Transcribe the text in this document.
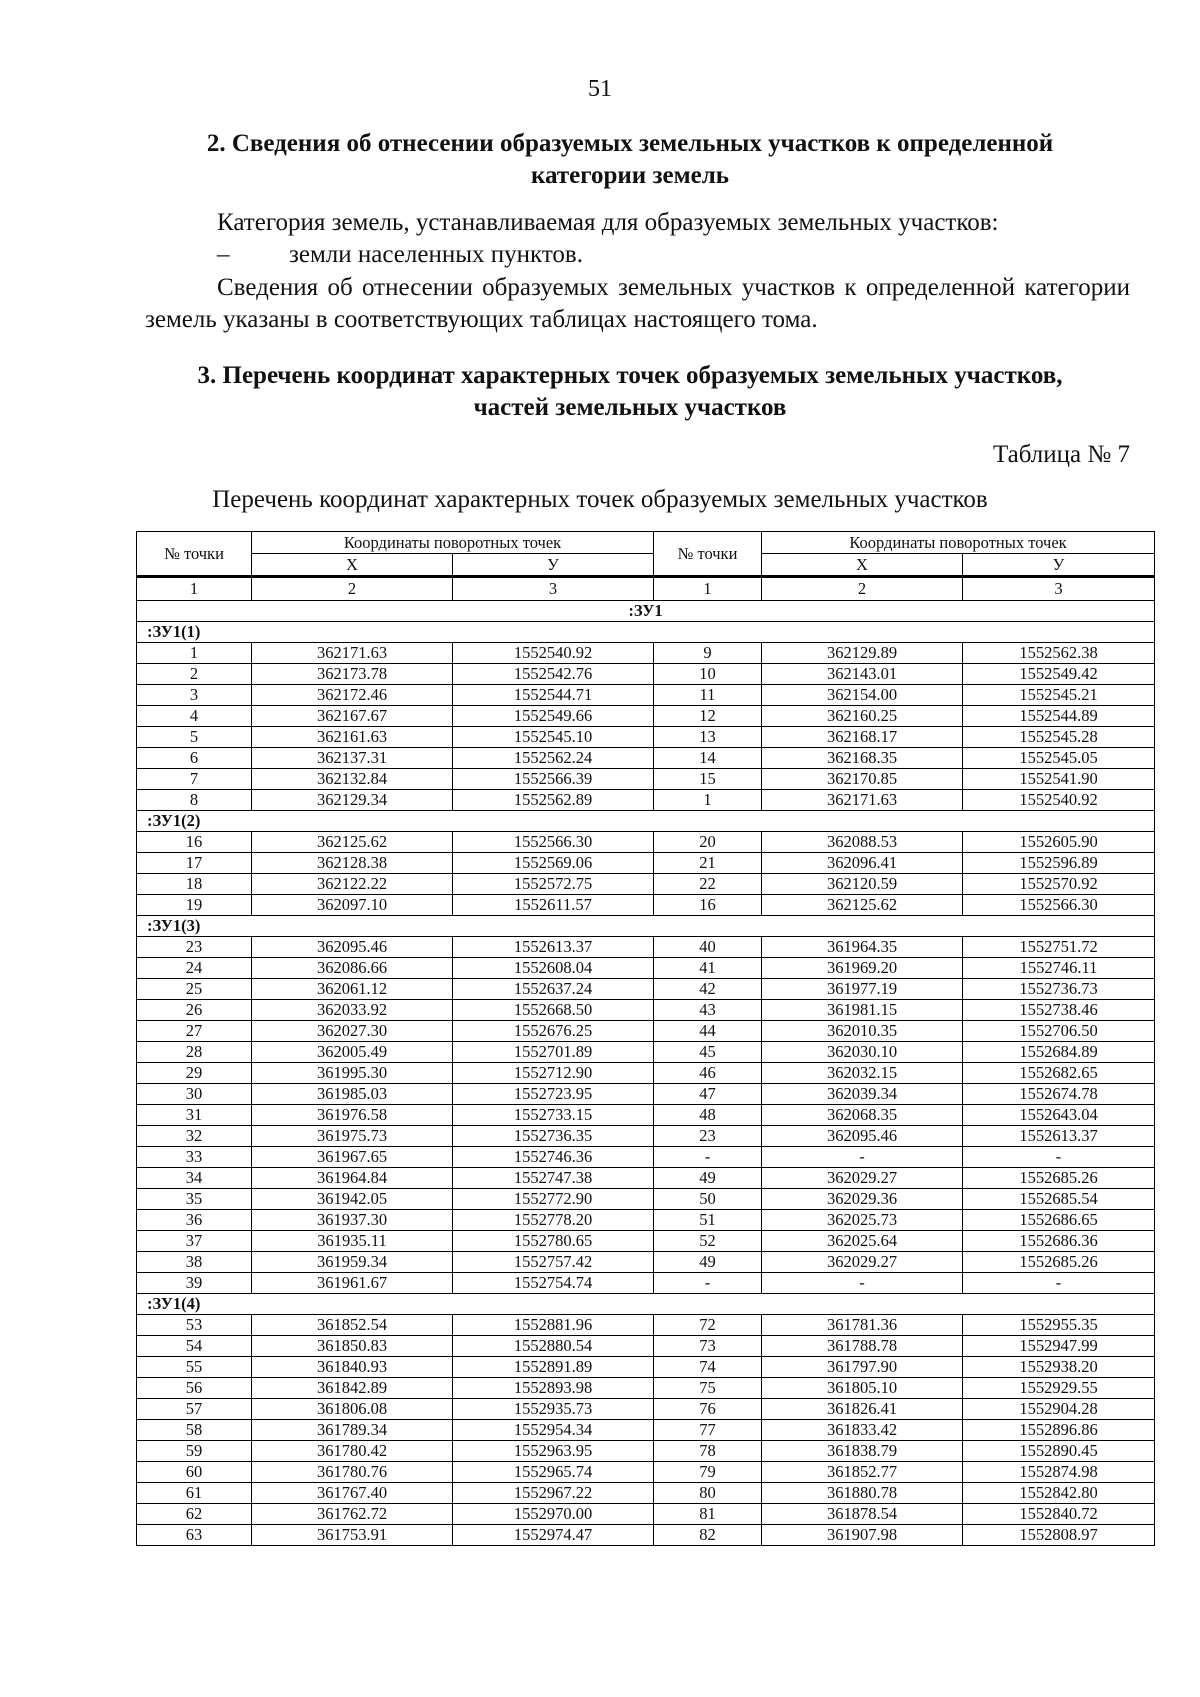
51
2. Сведения об отнесении образуемых земельных участков к определенной
категории земель
Категория земель, устанавливаемая для образуемых земельных участков:
– земли населенных пунктов.
Сведения об отнесении образуемых земельных участков к определенной категории земель указаны в соответствующих таблицах настоящего тома.
3. Перечень координат характерных точек образуемых земельных участков,
частей земельных участков
Таблица № 7
Перечень координат характерных точек образуемых земельных участков
№ точки	Координаты поворотных точек		№ точки	Координаты поворотных точек	
	Х	У		Х	У
1	2	3	1	2	3
:ЗУ1					
:ЗУ1(1)					
1	362171.63	1552540.92	9	362129.89	1552562.38
2	362173.78	1552542.76	10	362143.01	1552549.42
3	362172.46	1552544.71	11	362154.00	1552545.21
4	362167.67	1552549.66	12	362160.25	1552544.89
5	362161.63	1552545.10	13	362168.17	1552545.28
6	362137.31	1552562.24	14	362168.35	1552545.05
7	362132.84	1552566.39	15	362170.85	1552541.90
8	362129.34	1552562.89	1	362171.63	1552540.92
:ЗУ1(2)					
16	362125.62	1552566.30	20	362088.53	1552605.90
17	362128.38	1552569.06	21	362096.41	1552596.89
18	362122.22	1552572.75	22	362120.59	1552570.92
19	362097.10	1552611.57	16	362125.62	1552566.30
:ЗУ1(3)					
23	362095.46	1552613.37	40	361964.35	1552751.72
24	362086.66	1552608.04	41	361969.20	1552746.11
25	362061.12	1552637.24	42	361977.19	1552736.73
26	362033.92	1552668.50	43	361981.15	1552738.46
27	362027.30	1552676.25	44	362010.35	1552706.50
28	362005.49	1552701.89	45	362030.10	1552684.89
29	361995.30	1552712.90	46	362032.15	1552682.65
30	361985.03	1552723.95	47	362039.34	1552674.78
31	361976.58	1552733.15	48	362068.35	1552643.04
32	361975.73	1552736.35	23	362095.46	1552613.37
33	361967.65	1552746.36	-	-	-
34	361964.84	1552747.38	49	362029.27	1552685.26
35	361942.05	1552772.90	50	362029.36	1552685.54
36	361937.30	1552778.20	51	362025.73	1552686.65
37	361935.11	1552780.65	52	362025.64	1552686.36
38	361959.34	1552757.42	49	362029.27	1552685.26
39	361961.67	1552754.74	-	-	-
:ЗУ1(4)					
53	361852.54	1552881.96	72	361781.36	1552955.35
54	361850.83	1552880.54	73	361788.78	1552947.99
55	361840.93	1552891.89	74	361797.90	1552938.20
56	361842.89	1552893.98	75	361805.10	1552929.55
57	361806.08	1552935.73	76	361826.41	1552904.28
58	361789.34	1552954.34	77	361833.42	1552896.86
59	361780.42	1552963.95	78	361838.79	1552890.45
60	361780.76	1552965.74	79	361852.77	1552874.98
61	361767.40	1552967.22	80	361880.78	1552842.80
62	361762.72	1552970.00	81	361878.54	1552840.72
63	361753.91	1552974.47	82	361907.98	1552808.97
